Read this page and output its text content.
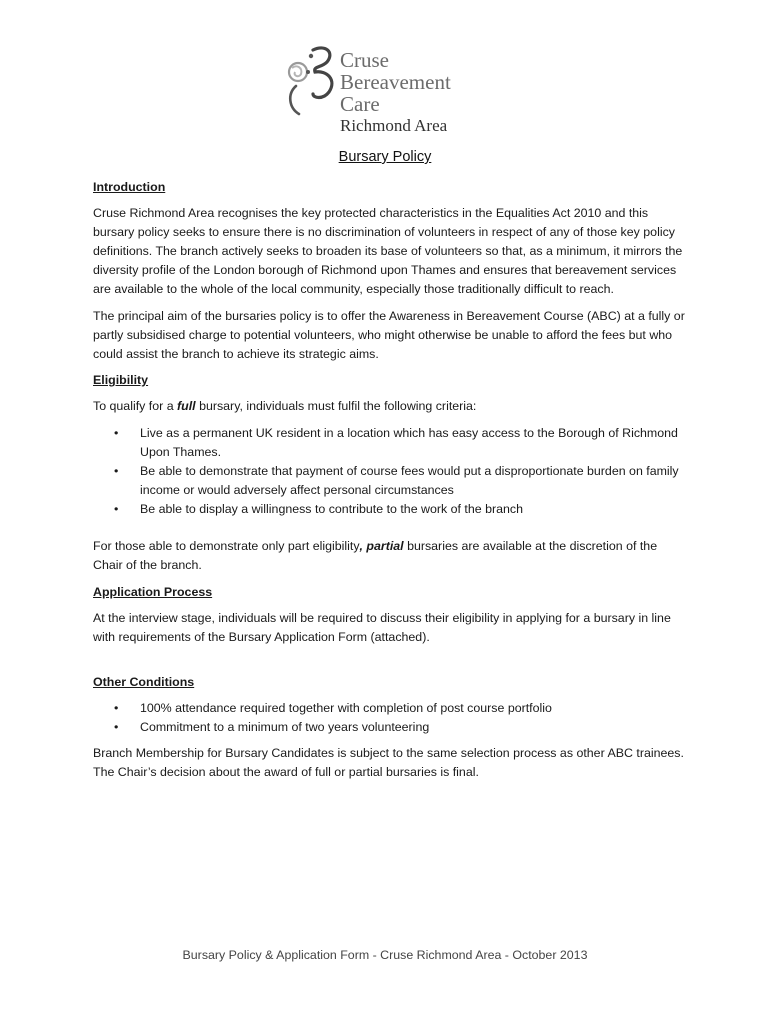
Cruse
Bereavement
Care
Richmond Area
Bursary Policy

Introduction

Cruse Richmond Area recognises the key protected characteristics in the Equalities Act 2010 and this bursary policy seeks to ensure there is no discrimination of volunteers in respect of any of those key policy definitions. The branch actively seeks to broaden its base of volunteers so that, as a minimum, it mirrors the diversity profile of the London borough of Richmond upon Thames and ensures that bereavement services are available to the whole of the local community, especially those traditionally difficult to reach.

The principal aim of the bursaries policy is to offer the Awareness in Bereavement Course (ABC) at a fully or partly subsidised charge to potential volunteers, who might otherwise be unable to afford the fees but who could assist the branch to achieve its strategic aims.

Eligibility

To qualify for a full bursary, individuals must fulfil the following criteria:

• Live as a permanent UK resident in a location which has easy access to the Borough of Richmond Upon Thames.
• Be able to demonstrate that payment of course fees would put a disproportionate burden on family income or would adversely affect personal circumstances
• Be able to display a willingness to contribute to the work of the branch

For those able to demonstrate only part eligibility, partial bursaries are available at the discretion of the Chair of the branch.

Application Process

At the interview stage, individuals will be required to discuss their eligibility in applying for a bursary in line with requirements of the Bursary Application Form (attached).

Other Conditions

• 100% attendance required together with completion of post course portfolio
• Commitment to a minimum of two years volunteering

Branch Membership for Bursary Candidates is subject to the same selection process as other ABC trainees. The Chair’s decision about the award of full or partial bursaries is final.

Bursary Policy & Application Form - Cruse Richmond Area - October 2013
